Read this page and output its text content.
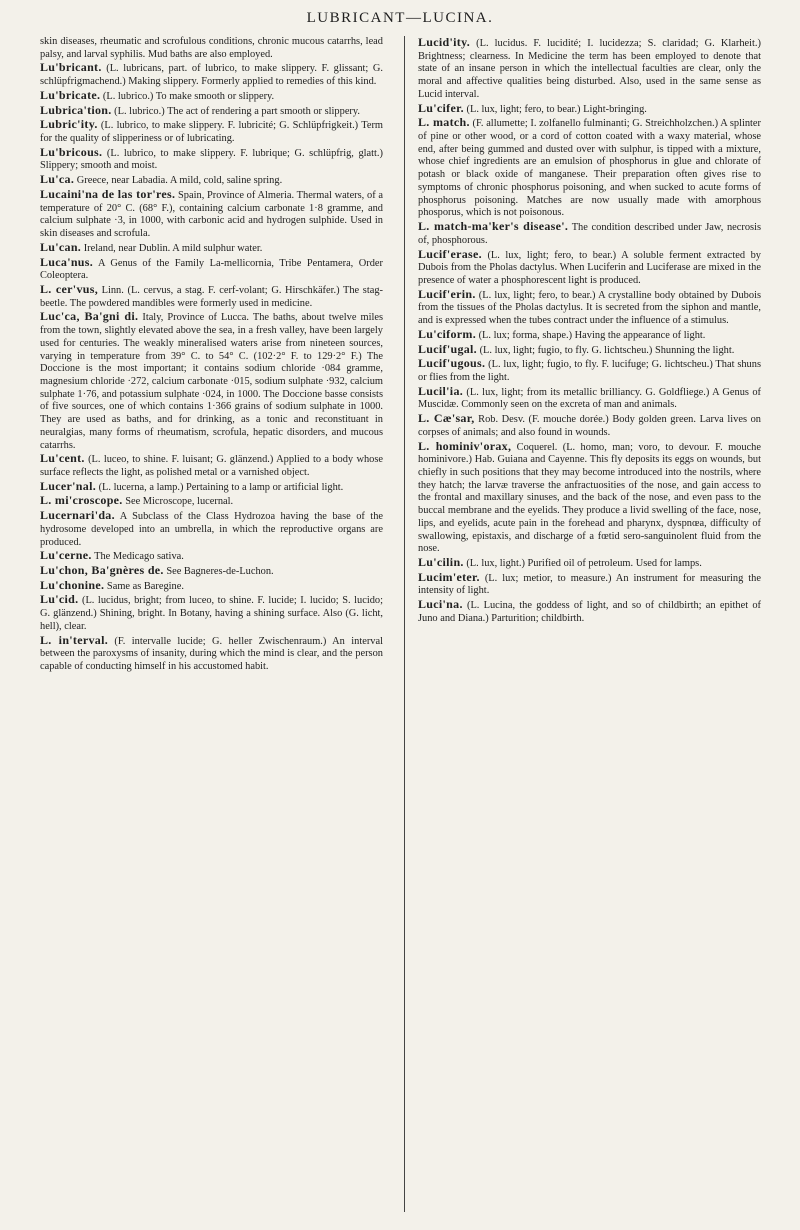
LUBRICANT—LUCINA.

skin diseases, rheumatic and scrofulous conditions, chronic mucous catarrhs, lead palsy, and larval syphilis. Mud baths are also employed.

Lu'bricant. (L. lubricans, part. of lubrico, to make slippery. F. glissant; G. schlüpfrigmachend.) Making slippery. Formerly applied to remedies of this kind.

Lu'bricate. (L. lubrico.) To make smooth or slippery.

Lubrica'tion. (L. lubrico.) The act of rendering a part smooth or slippery.

Lubric'ity. (L. lubrico, to make slippery. F. lubricité; G. Schlüpfrigkeit.) Term for the quality of slipperiness or of lubricating.

Lu'bricous. (L. lubrico, to make slippery. F. lubrique; G. schlüpfrig, glatt.) Slippery; smooth and moist.

Lu'ca. Greece, near Labadia. A mild, cold, saline spring.

Lucaini'na de las tor'res. Spain, Province of Almeria. Thermal waters, of a temperature of 20° C. (68° F.), containing calcium carbonate 1·8 gramme, and calcium sulphate ·3, in 1000, with carbonic acid and hydrogen sulphide. Used in skin diseases and scrofula.

Lu'can. Ireland, near Dublin. A mild sulphur water.

Luca'nus. A Genus of the Family La-mellicornia, Tribe Pentamera, Order Coleoptera.

L. cer'vus, Linn. (L. cervus, a stag. F. cerf-volant; G. Hirschkäfer.) The stag-beetle. The powdered mandibles were formerly used in medicine.

Luc'ca, Ba'gni di. Italy, Province of Lucca. The baths, about twelve miles from the town, slightly elevated above the sea, in a fresh valley, have been largely used for centuries. The weakly mineralised waters arise from nineteen sources, varying in temperature from 39° C. to 54° C. (102·2° F. to 129·2° F.) The Doccione is the most important; it contains sodium chloride ·084 gramme, magnesium chloride ·272, calcium carbonate ·015, sodium sulphate ·932, calcium sulphate 1·76, and potassium sulphate ·024, in 1000. The Doccione basse consists of five sources, one of which contains 1·366 grains of sodium sulphate in 1000. They are used as baths, and for drinking, as a tonic and reconstituant in neuralgias, many forms of rheumatism, scrofula, hepatic disorders, and mucous catarrhs.

Lu'cent. (L. luceo, to shine. F. luisant; G. glänzend.) Applied to a body whose surface reflects the light, as polished metal or a varnished object.

Lucer'nal. (L. lucerna, a lamp.) Pertaining to a lamp or artificial light.

L. mi'croscope. See Microscope, lucernal.

Lucernari'da. A Subclass of the Class Hydrozoa having the base of the hydrosome developed into an umbrella, in which the reproductive organs are produced.

Lu'cerne. The Medicago sativa.

Lu'chon, Ba'gnères de. See Bagneres-de-Luchon.

Lu'chonine. Same as Baregine.

Lu'cid. (L. lucidus, bright; from luceo, to shine. F. lucide; I. lucido; S. lucido; G. glänzend.) Shining, bright. In Botany, having a shining surface. Also (G. licht, hell), clear.

L. in'terval. (F. intervalle lucide; G. heller Zwischenraum.) An interval between the paroxysms of insanity, during which the mind is clear, and the person capable of conducting himself in his accustomed habit.

Lucid'ity. (L. lucidus. F. lucidité; I. lucidezza; S. claridad; G. Klarheit.) Brightness; clearness. In Medicine the term has been employed to denote that state of an insane person in which the intellectual faculties are clear, only the moral and affective qualities being disturbed. Also, used in the same sense as Lucid interval.

Lu'cifer. (L. lux, light; fero, to bear.) Light-bringing.

L. match. (F. allumette; I. zolfanello fulminanti; G. Streichholzchen.) A splinter of pine or other wood, or a cord of cotton coated with a waxy material, whose end, after being gummed and dusted over with sulphur, is tipped with a mixture, whose chief ingredients are an emulsion of phosphorus in glue and chlorate of potash or black oxide of manganese. Their preparation often gives rise to symptoms of chronic phosphorus poisoning, and when sucked to acute forms of phosphorus poisoning. Matches are now usually made with amorphous phosporus, which is not poisonous.

L. match-ma'ker's disease'. The condition described under Jaw, necrosis of, phosphorous.

Lucif'erase. (L. lux, light; fero, to bear.) A soluble ferment extracted by Dubois from the Pholas dactylus. When Luciferin and Luciferase are mixed in the presence of water a phosphorescent light is produced.

Lucif'erin. (L. lux, light; fero, to bear.) A crystalline body obtained by Dubois from the tissues of the Pholas dactylus. It is secreted from the siphon and mantle, and is expressed when the tubes contract under the influence of a stimulus.

Lu'ciform. (L. lux; forma, shape.) Having the appearance of light.

Lucif'ugal. (L. lux, light; fugio, to fly. G. lichtscheu.) Shunning the light.

Lucif'ugous. (L. lux, light; fugio, to fly. F. lucifuge; G. lichtscheu.) That shuns or flies from the light.

Lucil'ia. (L. lux, light; from its metallic brilliancy. G. Goldfliege.) A Genus of Muscidæ. Commonly seen on the excreta of man and animals.

L. Cæ'sar, Rob. Desv. (F. mouche dorée.) Body golden green. Larva lives on corpses of animals; and also found in wounds.

L. hominiv'orax, Coquerel. (L. homo, man; voro, to devour. F. mouche hominivore.) Hab. Guiana and Cayenne. This fly deposits its eggs on wounds, but chiefly in such positions that they may become introduced into the nostrils, where they hatch; the larvæ traverse the anfractuosities of the nose, and gain access to the frontal and maxillary sinuses, and the back of the nose, and even pass to the buccal membrane and the eyelids. They produce a livid swelling of the face, nose, lips, and eyelids, acute pain in the forehead and pharynx, dyspnœa, difficulty of swallowing, epistaxis, and discharge of a fœtid sero-sanguinolent fluid from the nose.

Lu'cilin. (L. lux, light.) Purified oil of petroleum. Used for lamps.

Lucim'eter. (L. lux; metior, to measure.) An instrument for measuring the intensity of light.

Luci'na. (L. Lucina, the goddess of light, and so of childbirth; an epithet of Juno and Diana.) Parturition; childbirth.
